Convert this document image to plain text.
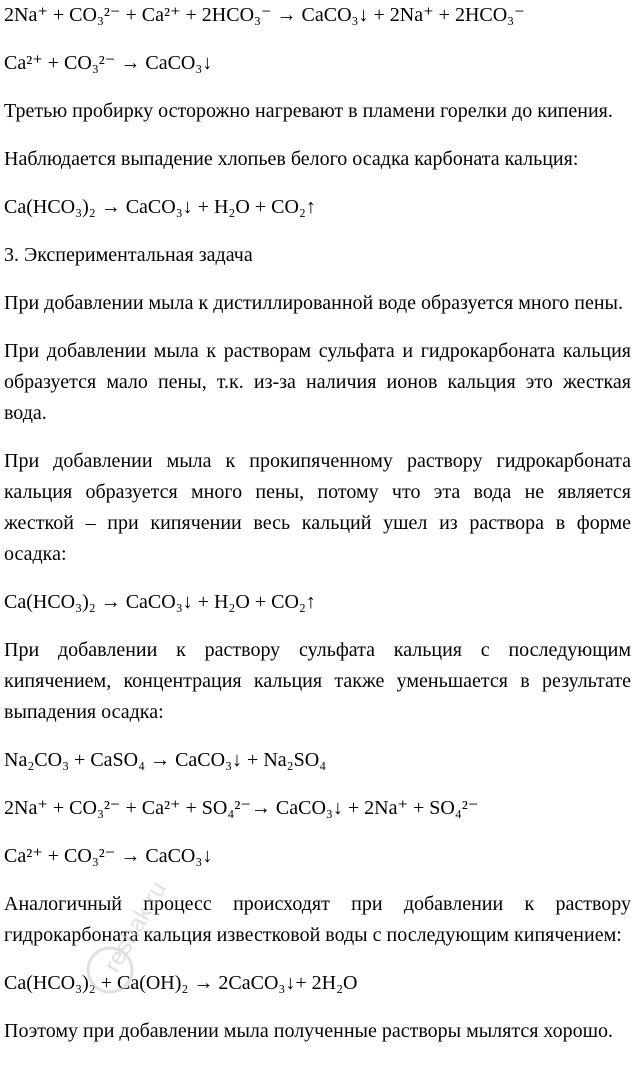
2Na⁺ + CO₃²⁻ + Ca²⁺ + 2HCO₃⁻ → CaCO₃↓ + 2Na⁺ + 2HCO₃⁻
Ca²⁺ + CO₃²⁻ → CaCO₃↓
Третью пробирку осторожно нагревают в пламени горелки до кипения.
Наблюдается выпадение хлопьев белого осадка карбоната кальция:
Ca(HCO₃)₂ → CaCO₃↓ + H₂O + CO₂↑
3. Экспериментальная задача
При добавлении мыла к дистиллированной воде образуется много пены.
При добавлении мыла к растворам сульфата и гидрокарбоната кальция образуется мало пены, т.к. из-за наличия ионов кальция это жесткая вода.
При добавлении мыла к прокипяченному раствору гидрокарбоната кальция образуется много пены, потому что эта вода не является жесткой – при кипячении весь кальций ушел из раствора в форме осадка:
Ca(HCO₃)₂ → CaCO₃↓ + H₂O + CO₂↑
При добавлении к раствору сульфата кальция с последующим кипячением, концентрация кальция также уменьшается в результате выпадения осадка:
Na₂CO₃ + CaSO₄ → CaCO₃↓ + Na₂SO₄
2Na⁺ + CO₃²⁻ + Ca²⁺ + SO₄²⁻→ CaCO₃↓ + 2Na⁺ + SO₄²⁻
Ca²⁺ + CO₃²⁻ → CaCO₃↓
Аналогичный процесс происходят при добавлении к раствору гидрокарбоната кальция известковой воды с последующим кипячением:
Ca(HCO₃)₂ + Ca(OH)₂ → 2CaCO₃↓+ 2H₂O
Поэтому при добавлении мыла полученные растворы мылятся хорошо.
reshak.ru
